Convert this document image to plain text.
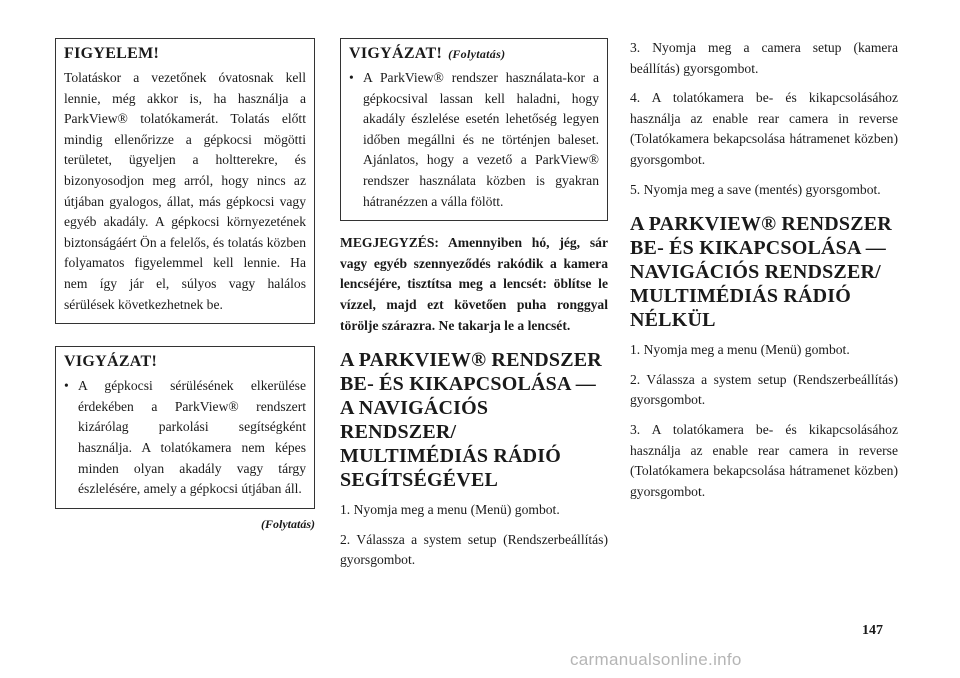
FIGYELEM!

Tolatáskor a vezetőnek óvatosnak kell lennie, még akkor is, ha használja a ParkView® tolatókamerát. Tolatás előtt mindig ellenőrizze a gépkocsi mögötti területet, ügyeljen a holtterekre, és bizonyosodjon meg arról, hogy nincs az útjában gyalogos, állat, más gépkocsi vagy egyéb akadály. A gépkocsi környezetének biztonságáért Ön a felelős, és tolatás közben folyamatos figyelemmel kell lennie. Ha nem így jár el, súlyos vagy halálos sérülések következhetnek be.

VIGYÁZAT!
• A gépkocsi sérülésének elkerülése érdekében a ParkView® rendszert kizárólag parkolási segítségként használja. A tolatókamera nem képes minden olyan akadály vagy tárgy észlelésére, amely a gépkocsi útjában áll.
(Folytatás)
VIGYÁZAT! (Folytatás)
• A ParkView® rendszer használata-kor a gépkocsival lassan kell haladni, hogy akadály észlelése esetén lehetőség legyen időben megállni és ne történjen baleset. Ajánlatos, hogy a vezető a ParkView® rendszer használata közben is gyakran hátranézzen a válla fölött.

MEGJEGYZÉS: Amennyiben hó, jég, sár vagy egyéb szennyeződés rakódik a kamera lencséjére, tisztítsa meg a lencsét: öblítse le vízzel, majd ezt követően puha ronggyal törölje szárazra. Ne takarja le a lencsét.

A PARKVIEW® RENDSZER BE- ÉS KIKAPCSOLÁSA — A NAVIGÁCIÓS RENDSZER/ MULTIMÉDIÁS RÁDIÓ SEGÍTSÉGÉVEL

1. Nyomja meg a menu (Menü) gombot.

2. Válassza a system setup (Rendszerbeállítás) gyorsgombot.

3. Nyomja meg a camera setup (kamera beállítás) gyorsgombot.

4. A tolatókamera be- és kikapcsolásához használja az enable rear camera in reverse (Tolatókamera bekapcsolása hátramenet közben) gyorsgombot.

5. Nyomja meg a save (mentés) gyorsgombot.

A PARKVIEW® RENDSZER BE- ÉS KIKAPCSOLÁSA — NAVIGÁCIÓS RENDSZER/ MULTIMÉDIÁS RÁDIÓ NÉLKÜL

1. Nyomja meg a menu (Menü) gombot.

2. Válassza a system setup (Rendszerbeállítás) gyorsgombot.

3. A tolatókamera be- és kikapcsolásához használja az enable rear camera in reverse (Tolatókamera bekapcsolása hátramenet közben) gyorsgombot.

147
carmanualsonline.info
